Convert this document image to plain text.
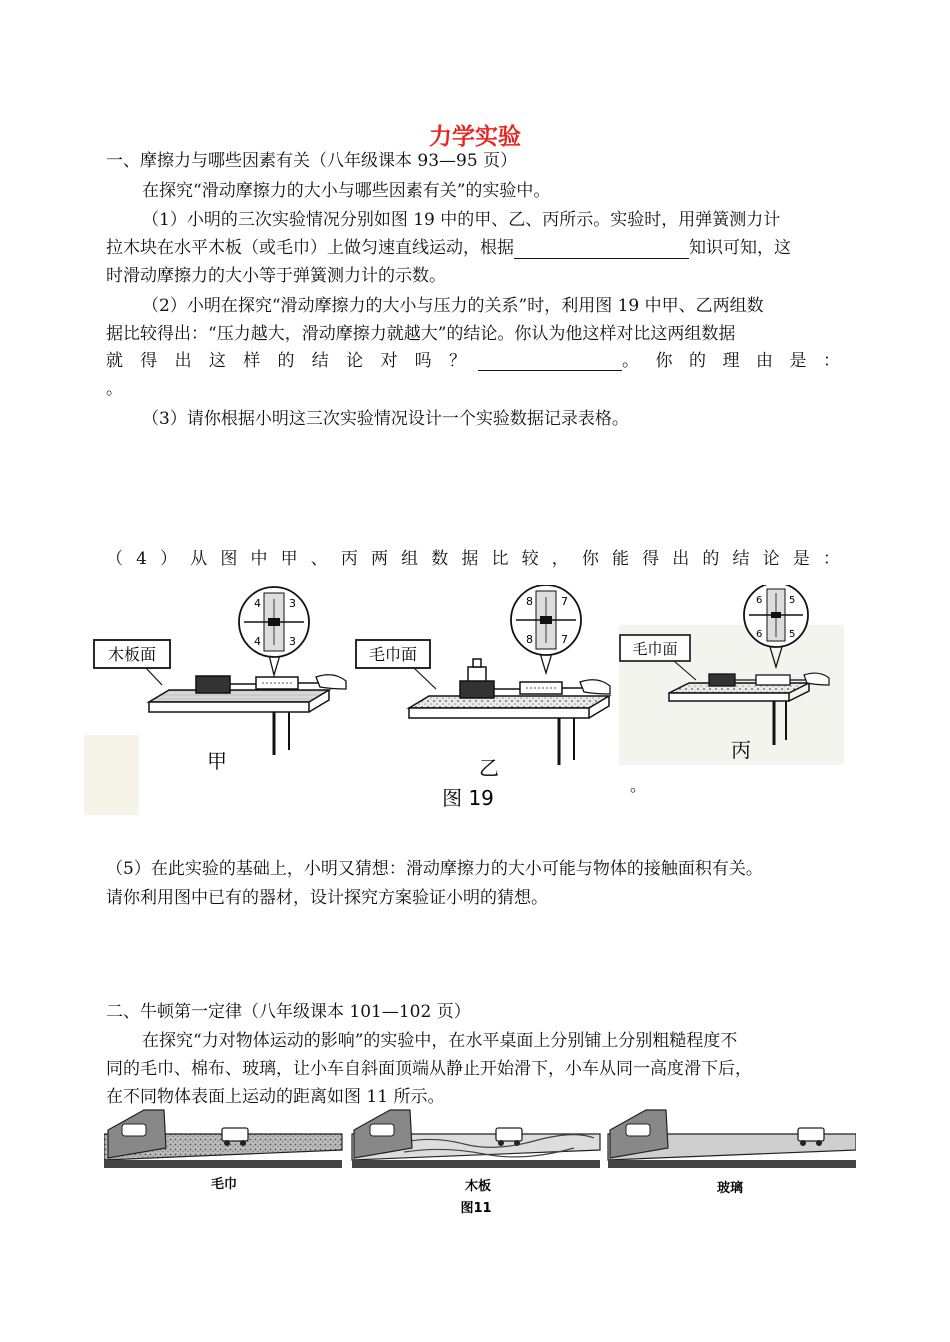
力学实验
一、摩擦力与哪些因素有关（八年级课本 93—95 页）
在探究“滑动摩擦力的大小与哪些因素有关”的实验中。
（1）小明的三次实验情况分别如图 19 中的甲、乙、丙所示。实验时，用弹簧测力计
拉木块在水平木板（或毛巾）上做匀速直线运动，根据	知识可知，这
时滑动摩擦力的大小等于弹簧测力计的示数。
（2）小明在探究“滑动摩擦力的大小与压力的关系”时，利用图 19 中甲、乙两组数
据比较得出：“压力越大，滑动摩擦力就越大”的结论。你认为他这样对比这两组数据
就 得 出 这 样 的 结 论 对 吗 ？	。 你 的 理 由 是 ：
。
（3）请你根据小明这三次实验情况设计一个实验数据记录表格。
（ 4 ） 从 图 中 甲 、 丙 两 组 数 据 比 较 ， 你 能 得 出 的 结 论 是 ：
木板面	毛巾面	毛巾面
4	3
4	3
8	7
8	7
6	5
6	5
甲	乙
丙
图 19
。
（5）在此实验的基础上，小明又猜想：滑动摩擦力的大小可能与物体的接触面积有关。
请你利用图中已有的器材，设计探究方案验证小明的猜想。
二、牛顿第一定律（八年级课本 101—102 页）
在探究“力对物体运动的影响”的实验中，在水平桌面上分别铺上分别粗糙程度不
同的毛巾、棉布、玻璃，让小车自斜面顶端从静止开始滑下，小车从同一高度滑下后，
在不同物体表面上运动的距离如图 11 所示。
毛巾	木板	玻璃
图11
